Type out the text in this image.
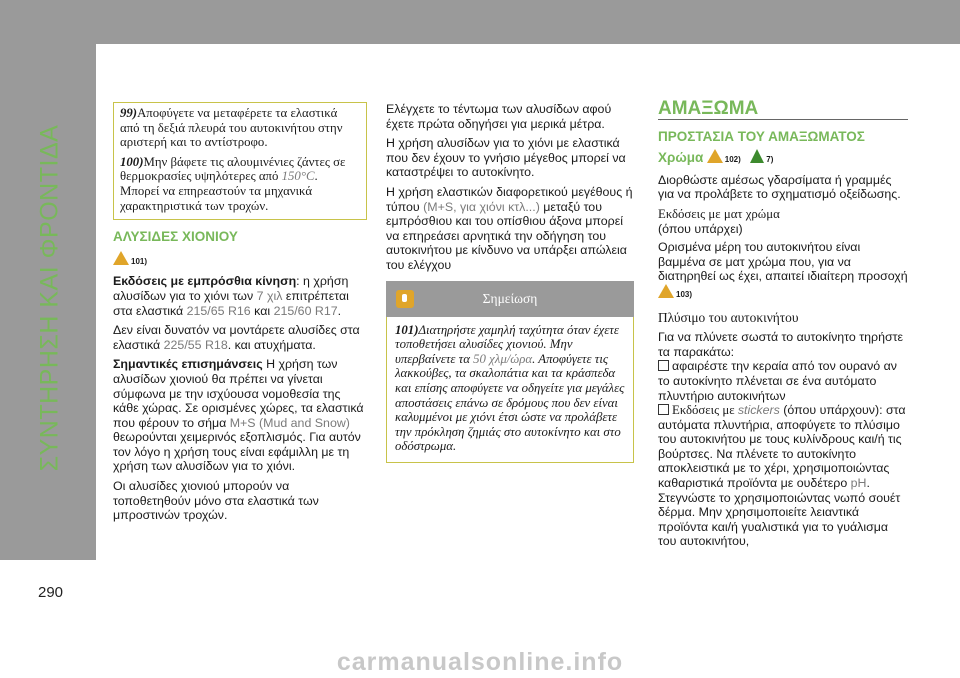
ΣΥΝΤΗΡΗΣΗ ΚΑΙ ΦΡΟΝΤΙΔΑ

99)Αποφύγετε να μεταφέρετε τα ελαστικά από τη δεξιά πλευρά του αυτοκινήτου στην αριστερή και το αντίστροφο.

100)Μην βάφετε τις αλουμινένιες ζάντες σε θερμοκρασίες υψηλότερες από 150°C. Μπορεί να επηρεαστούν τα μηχανικά χαρακτηριστικά των τροχών.

ΑΛΥΣΙΔΕΣ ΧΙΟΝΙΟΥ

101)

Εκδόσεις με εμπρόσθια κίνηση: η χρήση αλυσίδων για το χιόνι των 7 χιλ επιτρέπεται στα ελαστικά 215/65 R16 και 215/60 R17.

Δεν είναι δυνατόν να μοντάρετε αλυσίδες στα ελαστικά 225/55 R18. και ατυχήματα.

Σημαντικές επισημάνσεις Η χρήση των αλυσίδων χιονιού θα πρέπει να γίνεται σύμφωνα με την ισχύουσα νομοθεσία της κάθε χώρας. Σε ορισμένες χώρες, τα ελαστικά που φέρουν το σήμα M+S (Mud and Snow) θεωρούνται χειμερινός εξοπλισμός. Για αυτόν τον λόγο η χρήση τους είναι εφάμιλλη με τη χρήση των αλυσίδων για το χιόνι.

Οι αλυσίδες χιονιού μπορούν να τοποθετηθούν μόνο στα ελαστικά των μπροστινών τροχών.

Ελέγχετε το τέντωμα των αλυσίδων αφού έχετε πρώτα οδηγήσει για μερικά μέτρα.

Η χρήση αλυσίδων για το χιόνι με ελαστικά που δεν έχουν το γνήσιο μέγεθος μπορεί να καταστρέψει το αυτοκίνητο.

Η χρήση ελαστικών διαφορετικού μεγέθους ή τύπου (M+S, για χιόνι κτλ...) μεταξύ του εμπρόσθιου και του οπίσθιου άξονα μπορεί να επηρεάσει αρνητικά την οδήγηση του αυτοκινήτου με κίνδυνο να υπάρξει απώλεια του ελέγχου

Σημείωση

101)Διατηρήστε χαμηλή ταχύτητα όταν έχετε τοποθετήσει αλυσίδες χιονιού. Μην υπερβαίνετε τα 50 χλμ/ώρα. Αποφύγετε τις λακκούβες, τα σκαλοπάτια και τα κράσπεδα και επίσης αποφύγετε να οδηγείτε για μεγάλες αποστάσεις επάνω σε δρόμους που δεν είναι καλυμμένοι με χιόνι έτσι ώστε να προλάβετε την πρόκληση ζημιάς στο αυτοκίνητο και στο οδόστρωμα.

ΑΜΑΞΩΜΑ
ΠΡΟΣΤΑΣΙΑ ΤΟΥ ΑΜΑΞΩΜΑΤΟΣ

Χρώμα	102)	7)

Διορθώστε αμέσως γδαρσίματα ή γραμμές για να προλάβετε το σχηματισμό οξείδωσης.

Εκδόσεις με ματ χρώμα
(όπου υπάρχει)

Ορισμένα μέρη του αυτοκινήτου είναι βαμμένα σε ματ χρώμα που, για να διατηρηθεί ως έχει, απαιτεί ιδιαίτερη προσοχή 103)

Πλύσιμο του αυτοκινήτου

Για να πλύνετε σωστά το αυτοκίνητο τηρήστε τα παρακάτω:

αφαιρέστε την κεραία από τον ουρανό αν το αυτοκίνητο πλένεται σε ένα αυτόματο πλυντήριο αυτοκινήτων

Εκδόσεις με stickers (όπου υπάρχουν): στα αυτόματα πλυντήρια, αποφύγετε το πλύσιμο του αυτοκινήτου με τους κυλίνδρους και/ή τις βούρτσες. Να πλένετε το αυτοκίνητο αποκλειστικά με το χέρι, χρησιμοποιώντας καθαριστικά προϊόντα με ουδέτερο pH. Στεγνώστε το χρησιμοποιώντας νωπό σουέτ δέρμα. Μην χρησιμοποιείτε λειαντικά προϊόντα και/ή γυαλιστικά για το γυάλισμα του αυτοκινήτου,

290
carmanualsonline.info
